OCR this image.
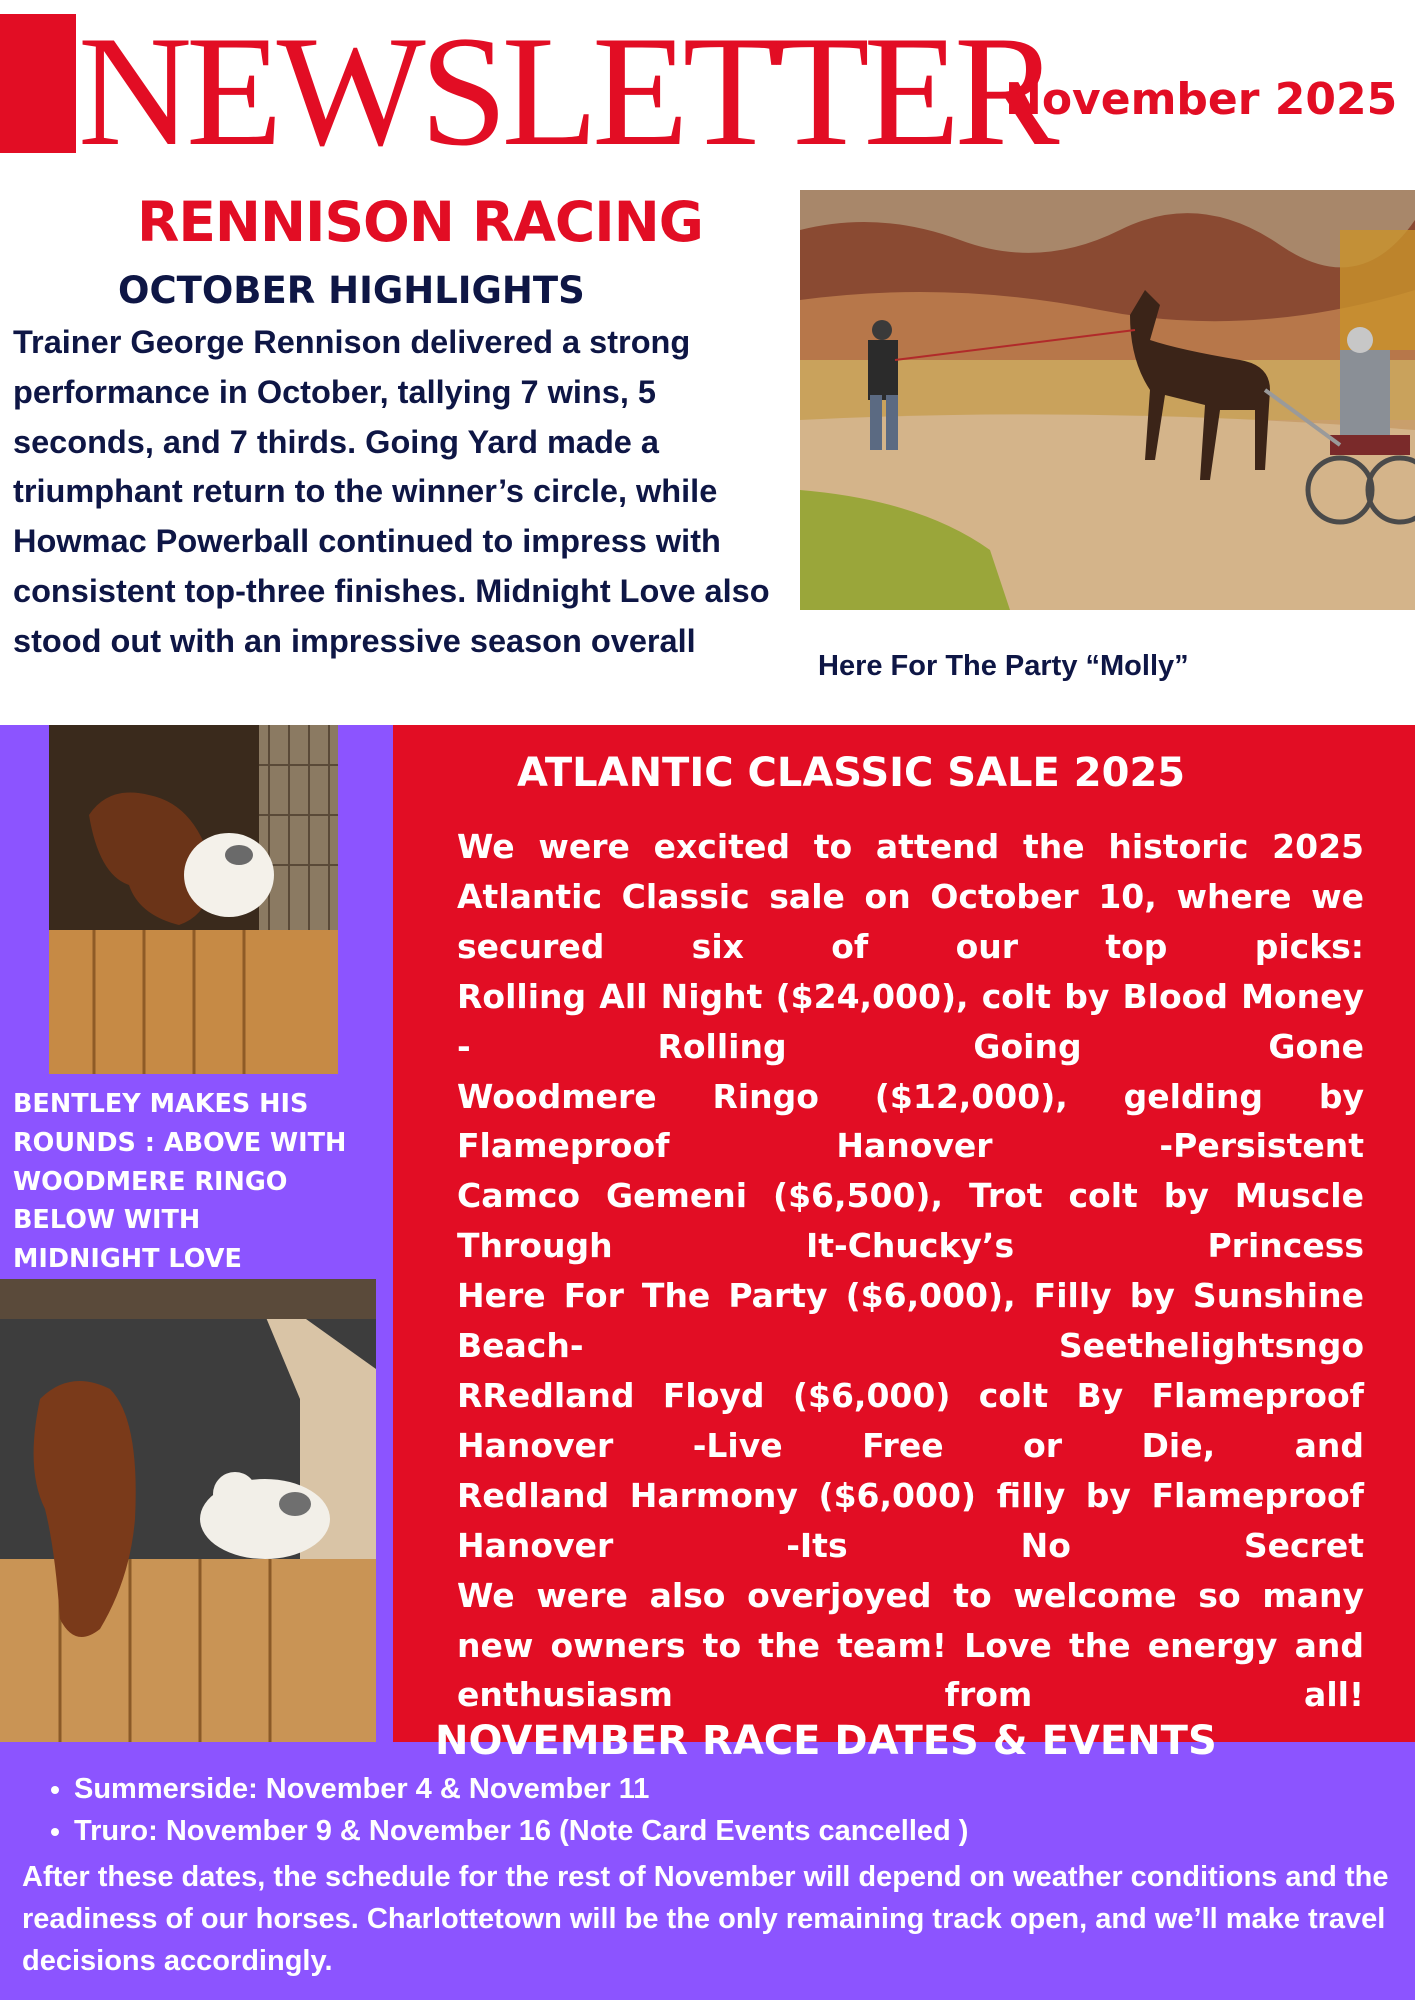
NEWSLETTER
November 2025
RENNISON RACING
OCTOBER HIGHLIGHTS

Trainer George Rennison delivered a strong performance in October, tallying 7 wins, 5 seconds, and 7 thirds. Going Yard made a triumphant return to the winner’s circle, while Howmac Powerball continued to impress with consistent top-three finishes. Midnight Love also stood out with an impressive season overall

Here For The Party “Molly”

BENTLEY MAKES HIS ROUNDS : ABOVE WITH WOODMERE RINGO BELOW WITH MIDNIGHT LOVE

ATLANTIC CLASSIC SALE 2025

We were excited to attend the historic 2025 Atlantic Classic sale on October 10, where we secured six of our top picks:

Rolling All Night ($24,000), colt by Blood Money - Rolling Going Gone

Woodmere Ringo ($12,000), gelding by Flameproof Hanover -Persistent

Camco Gemeni ($6,500), Trot colt by Muscle Through It-Chucky’s Princess

Here For The Party ($6,000), Filly by Sunshine Beach- Seethelightsngo

RRedland Floyd ($6,000) colt By Flameproof Hanover -Live Free or Die, and

Redland Harmony ($6,000) filly by Flameproof Hanover -Its No Secret

We were also overjoyed to welcome so many new owners to the team! Love the energy and enthusiasm from all!

NOVEMBER RACE DATES & EVENTS
• Summerside: November 4 & November 11
• Truro: November 9 & November 16 (Note Card Events cancelled )

After these dates, the schedule for the rest of November will depend on weather conditions and the readiness of our horses. Charlottetown will be the only remaining track open, and we’ll make travel decisions accordingly.
